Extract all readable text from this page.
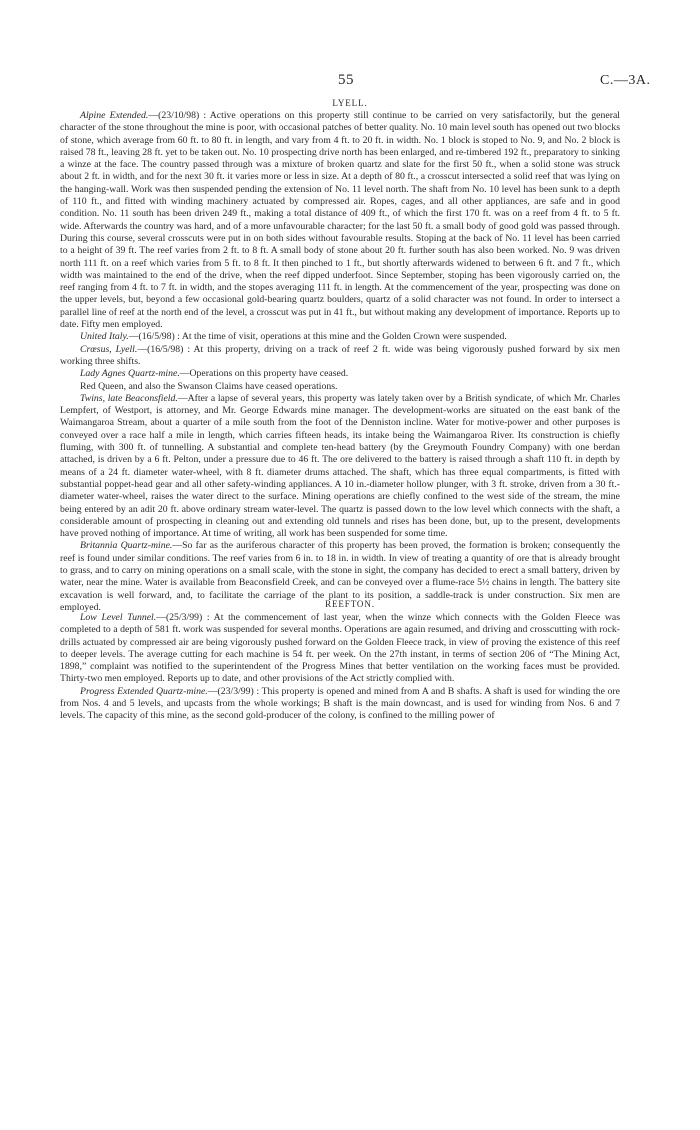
55	C.—3A.
LYELL.

Alpine Extended.—(23/10/98) : Active operations on this property still continue to be carried on very satisfactorily, but the general character of the stone throughout the mine is poor, with occasional patches of better quality. No. 10 main level south has opened out two blocks of stone, which average from 60 ft. to 80 ft. in length, and vary from 4 ft. to 20 ft. in width. No. 1 block is stoped to No. 9, and No. 2 block is raised 78 ft., leaving 28 ft. yet to be taken out. No. 10 prospecting drive north has been enlarged, and re-timbered 192 ft., preparatory to sinking a winze at the face. The country passed through was a mixture of broken quartz and slate for the first 50 ft., when a solid stone was struck about 2 ft. in width, and for the next 30 ft. it varies more or less in size. At a depth of 80 ft., a crosscut intersected a solid reef that was lying on the hanging-wall. Work was then suspended pending the extension of No. 11 level north. The shaft from No. 10 level has been sunk to a depth of 110 ft., and fitted with winding machinery actuated by compressed air. Ropes, cages, and all other appliances, are safe and in good condition. No. 11 south has been driven 249 ft., making a total distance of 409 ft., of which the first 170 ft. was on a reef from 4 ft. to 5 ft. wide. Afterwards the country was hard, and of a more unfavourable character; for the last 50 ft. a small body of good gold was passed through. During this course, several crosscuts were put in on both sides without favourable results. Stoping at the back of No. 11 level has been carried to a height of 39 ft. The reef varies from 2 ft. to 8 ft. A small body of stone about 20 ft. further south has also been worked. No. 9 was driven north 111 ft. on a reef which varies from 5 ft. to 8 ft. It then pinched to 1 ft., but shortly afterwards widened to between 6 ft. and 7 ft., which width was maintained to the end of the drive, when the reef dipped underfoot. Since September, stoping has been vigorously carried on, the reef ranging from 4 ft. to 7 ft. in width, and the stopes averaging 111 ft. in length. At the commencement of the year, prospecting was done on the upper levels, but, beyond a few occasional gold-bearing quartz boulders, quartz of a solid character was not found. In order to intersect a parallel line of reef at the north end of the level, a crosscut was put in 41 ft., but without making any development of importance. Reports up to date. Fifty men employed.

United Italy.—(16/5/98) : At the time of visit, operations at this mine and the Golden Crown were suspended.

Crœsus, Lyell.—(16/5/98) : At this property, driving on a track of reef 2 ft. wide was being vigorously pushed forward by six men working three shifts.

Lady Agnes Quartz-mine.—Operations on this property have ceased.

Red Queen, and also the Swanson Claims have ceased operations.

Twins, late Beaconsfield.—After a lapse of several years, this property was lately taken over by a British syndicate, of which Mr. Charles Lempfert, of Westport, is attorney, and Mr. George Edwards mine manager. The development-works are situated on the east bank of the Waimangaroa Stream, about a quarter of a mile south from the foot of the Denniston incline. Water for motive-power and other purposes is conveyed over a race half a mile in length, which carries fifteen heads, its intake being the Waimangaroa River. Its construction is chiefly fluming, with 300 ft. of tunnelling. A substantial and complete ten-head battery (by the Greymouth Foundry Company) with one berdan attached, is driven by a 6 ft. Pelton, under a pressure due to 46 ft. The ore delivered to the battery is raised through a shaft 110 ft. in depth by means of a 24 ft. diameter water-wheel, with 8 ft. diameter drums attached. The shaft, which has three equal compartments, is fitted with substantial poppet-head gear and all other safety-winding appliances. A 10 in.-diameter hollow plunger, with 3 ft. stroke, driven from a 30 ft.-diameter water-wheel, raises the water direct to the surface. Mining operations are chiefly confined to the west side of the stream, the mine being entered by an adit 20 ft. above ordinary stream water-level. The quartz is passed down to the low level which connects with the shaft, a considerable amount of prospecting in cleaning out and extending old tunnels and rises has been done, but, up to the present, developments have proved nothing of importance. At time of writing, all work has been suspended for some time.

Britannia Quartz-mine.—So far as the auriferous character of this property has been proved, the formation is broken; consequently the reef is found under similar conditions. The reef varies from 6 in. to 18 in. in width. In view of treating a quantity of ore that is already brought to grass, and to carry on mining operations on a small scale, with the stone in sight, the company has decided to erect a small battery, driven by water, near the mine. Water is available from Beaconsfield Creek, and can be conveyed over a flume-race 5½ chains in length. The battery site excavation is well forward, and, to facilitate the carriage of the plant to its position, a saddle-track is under construction. Six men are employed.	REEFTON.

Low Level Tunnel.—(25/3/99) : At the commencement of last year, when the winze which connects with the Golden Fleece was completed to a depth of 581 ft. work was suspended for several months. Operations are again resumed, and driving and crosscutting with rock-drills actuated by compressed air are being vigorously pushed forward on the Golden Fleece track, in view of proving the existence of this reef to deeper levels. The average cutting for each machine is 54 ft. per week. On the 27th instant, in terms of section 206 of “The Mining Act, 1898,” complaint was notified to the superintendent of the Progress Mines that better ventilation on the working faces must be provided. Thirty-two men employed. Reports up to date, and other provisions of the Act strictly complied with.

Progress Extended Quartz-mine.—(23/3/99) : This property is opened and mined from A and B shafts. A shaft is used for winding the ore from Nos. 4 and 5 levels, and upcasts from the whole workings; B shaft is the main downcast, and is used for winding from Nos. 6 and 7 levels. The capacity of this mine, as the second gold-producer of the colony, is confined to the milling power of
